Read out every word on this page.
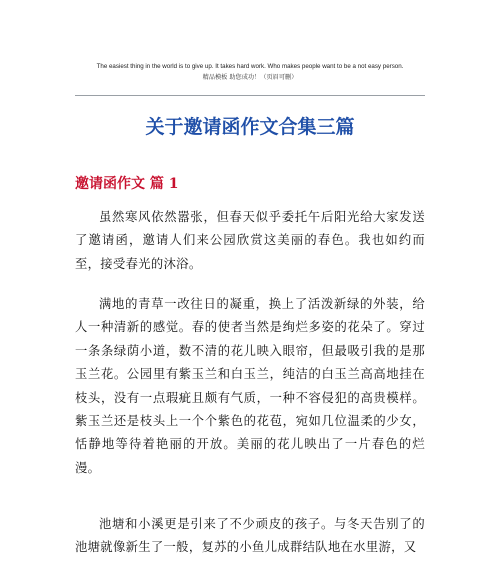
The easiest thing in the world is to give up. It takes hard work. Who makes people want to be a not easy person.
精品模板 助您成功！（页眉可删）
关于邀请函作文合集三篇
邀请函作文 篇 1

虽然寒风依然嚣张，但春天似乎委托午后阳光给大家发送了邀请函，邀请人们来公园欣赏这美丽的春色。我也如约而至，接受春光的沐浴。

满地的青草一改往日的凝重，换上了活泼新绿的外装，给人一种清新的感觉。春的使者当然是绚烂多姿的花朵了。穿过一条条绿荫小道，数不清的花儿映入眼帘，但最吸引我的是那玉兰花。公园里有紫玉兰和白玉兰，纯洁的白玉兰高高地挂在枝头，没有一点瑕疵且颇有气质，一种不容侵犯的高贵模样。紫玉兰还是枝头上一个个紫色的花苞，宛如几位温柔的少女，恬静地等待着艳丽的开放。美丽的花儿映出了一片春色的烂漫。

池塘和小溪更是引来了不少顽皮的孩子。与冬天告别了的池塘就像新生了一般，复苏的小鱼儿成群结队地在水里游，又
